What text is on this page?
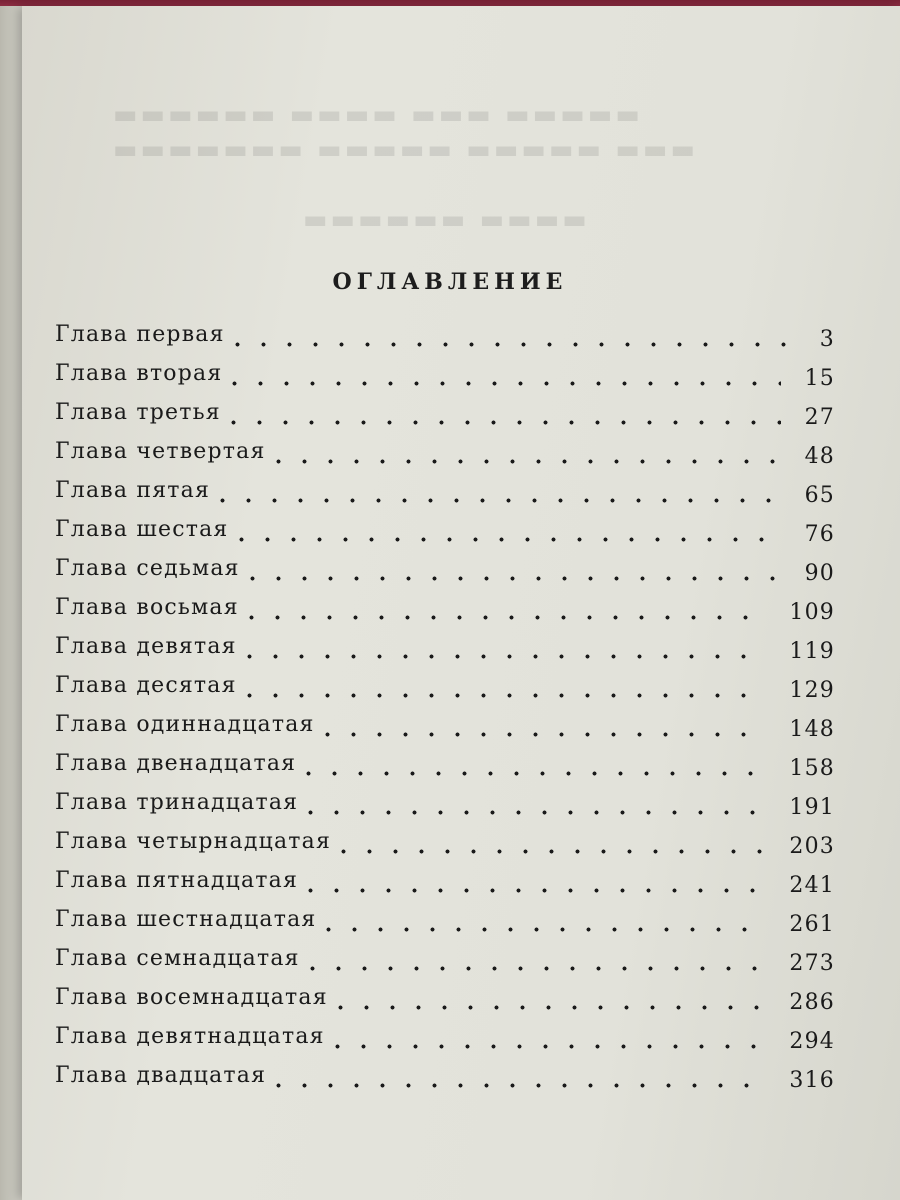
▬▬▬▬▬ ▬▬▬ ▬▬▬▬ ▬▬▬▬▬▬
▬▬▬ ▬▬▬▬▬ ▬▬▬▬▬ ▬▬▬▬▬▬▬
▬▬▬▬ ▬▬▬▬▬▬
ОГЛАВЛЕНИЕ
Глава первая	3
Глава вторая	15
Глава третья	27
Глава четвертая	48
Глава пятая	65
Глава шестая	76
Глава седьмая	90
Глава восьмая	109
Глава девятая	119
Глава десятая	129
Глава одиннадцатая	148
Глава двенадцатая	158
Глава тринадцатая	191
Глава четырнадцатая	203
Глава пятнадцатая	241
Глава шестнадцатая	261
Глава семнадцатая	273
Глава восемнадцатая	286
Глава девятнадцатая	294
Глава двадцатая	316
